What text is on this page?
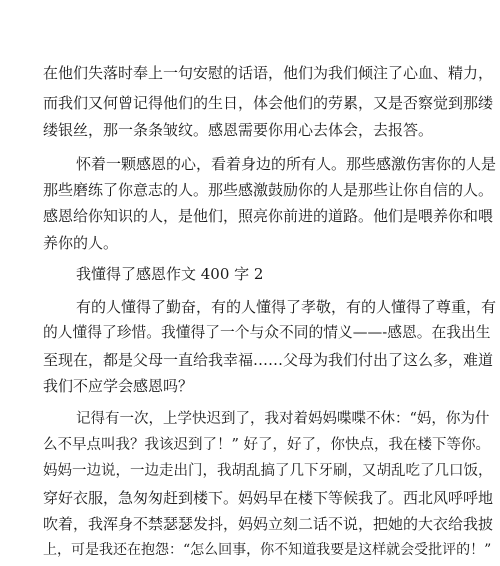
在他们失落时奉上一句安慰的话语，他们为我们倾注了心血、精力，
而我们又何曾记得他们的生日，体会他们的劳累，又是否察觉到那缕
缕银丝，那一条条皱纹。感恩需要你用心去体会，去报答。
怀着一颗感恩的心，看着身边的所有人。那些感激伤害你的人是
那些磨练了你意志的人。那些感激鼓励你的人是那些让你自信的人。
感恩给你知识的人，是他们，照亮你前进的道路。他们是喂养你和喂
养你的人。
我懂得了感恩作文 400 字 2
有的人懂得了勤奋，有的人懂得了孝敬，有的人懂得了尊重，有
的人懂得了珍惜。我懂得了一个与众不同的情义——-感恩。在我出生
至现在，都是父母一直给我幸福……父母为我们付出了这么多，难道
我们不应学会感恩吗？
记得有一次，上学快迟到了，我对着妈妈喋喋不休：“妈，你为什
么不早点叫我？我该迟到了！” 好了，好了，你快点，我在楼下等你。
妈妈一边说，一边走出门，我胡乱搞了几下牙刷，又胡乱吃了几口饭，
穿好衣服，急匆匆赶到楼下。妈妈早在楼下等候我了。西北风呼呼地
吹着，我浑身不禁瑟瑟发抖，妈妈立刻二话不说，把她的大衣给我披
上，可是我还在抱怨：“怎么回事，你不知道我要是这样就会受批评的！”
